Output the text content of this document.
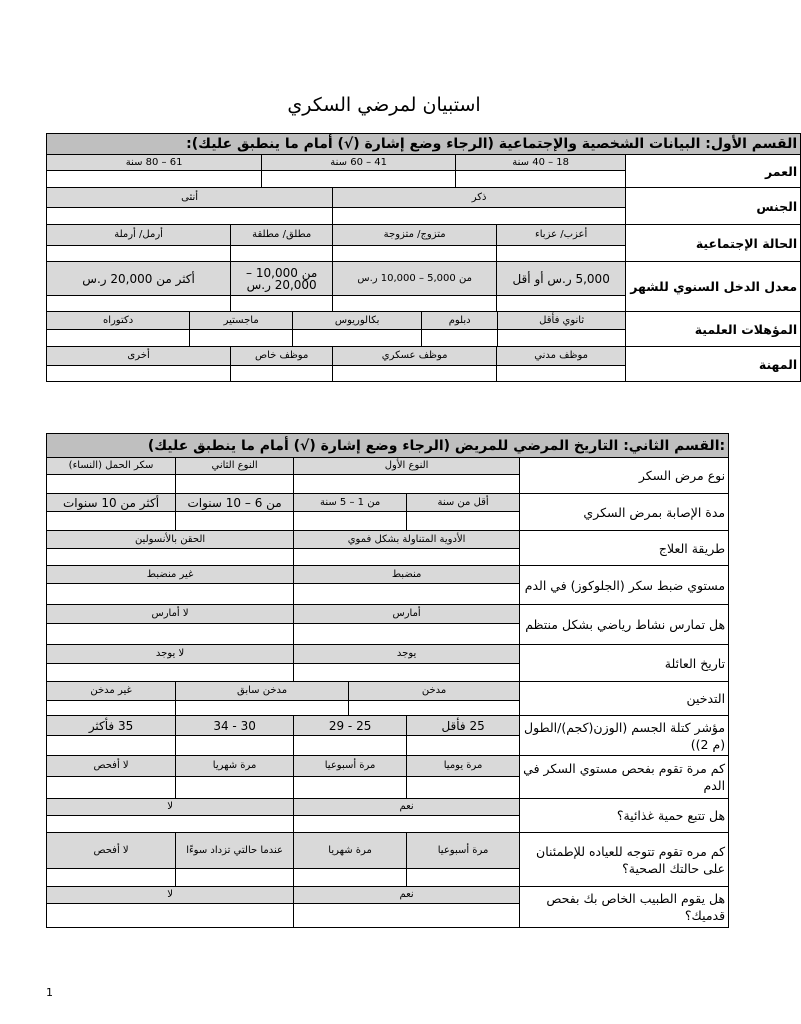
استبيان لمرضي السكري
القسم الأول: البيانات الشخصية والإجتماعية (الرجاء وضع إشارة (√) أمام ما ينطبق عليك):									
العمر	18 – 40 سنة		41 – 60 سنة				61 – 80 سنة		

الجنس	ذكر				أنثى				

الحالة الإجتماعية	أعزب/ عزباء	متزوج/ متزوجة			مطلق/ مطلقة			أرمل/ أرملة	

معدل الدخل السنوي للشهر	5,000 ر.س أو أقل	من 5,000 – 10,000 ر.س			من 10,000 – 20,000 ر.س			أكثر من 20,000 ر.س	

المؤهلات العلمية	ثانوي فأقل	دبلوم		بكالوريوس		ماجستير			دكتوراه

المهنة	موظف مدني	موظف عسكري			موظف خاص			أخرى	

:القسم الثاني: التاريخ المرضي للمريض (الرجاء وضع إشارة (√) أمام ما ينطبق عليك)					
نوع مرض السكر	النوع الأول			النوع الثاني	سكر الحمل (النساء)

مدة الإصابة بمرض السكري	أقل من سنة	من 1 – 5 سنة		من 6 – 10 سنوات	أكثر من 10 سنوات

طريقة العلاج	الأدوية المتناولة بشكل فموي			الحقن بالأنسولين	

مستوي ضبط سكر (الجلوكوز) في الدم	منضبط			غير منضبط	

هل تمارس نشاط رياضي بشكل منتظم	أمارس			لا أمارس	

تاريخ العائلة	يوجد			لا يوجد	

التدخين	مدخن		مدخن سابق		غير مدخن

مؤشر كتلة الجسم (الوزن(كجم)/الطول (م 2))	25 فأقل	25 - 29		30 - 34	35 فأكثر

كم مرة تقوم بفحص مستوي السكر في الدم	مرة يوميا	مرة أسبوعيا		مرة شهريا	لا أفحص

هل تتبع حمية غذائية؟	نعم			لا	

كم مره تقوم تتوجه للعياده للإطمئنان على حالتك الصحية؟	مرة أسبوعيا	مرة شهريا		عندما حالتي تزداد سوءًا	لا أفحص

هل يقوم الطبيب الخاص بك بفحص قدميك؟	نعم			لا	

1
